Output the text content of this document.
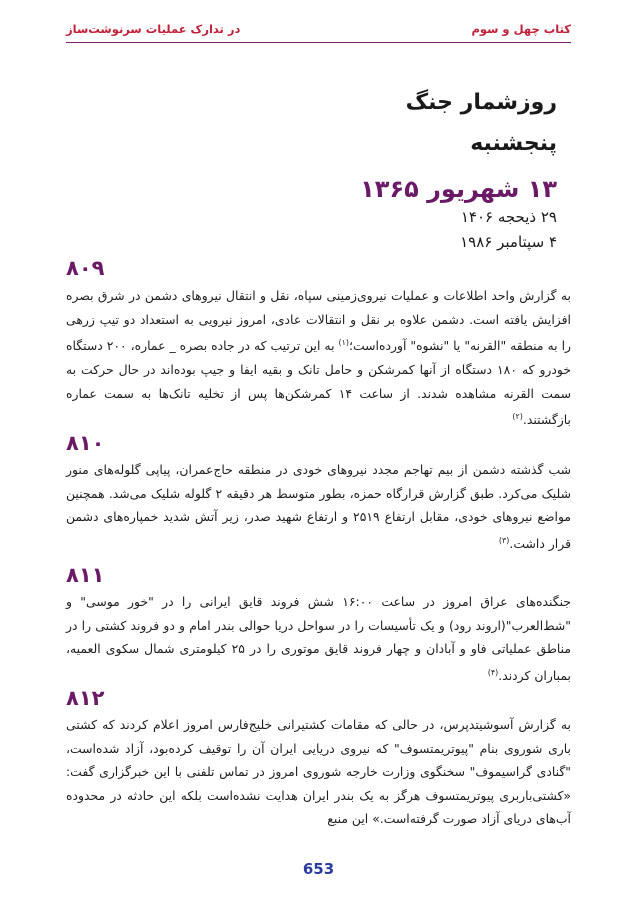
کتاب چهل و سوم
در تدارک عملیات سرنوشت‌ساز
روزشمار جنگ
پنجشنبه
۱۳ شهریور ۱۳۶۵
۲۹ ذیحجه ۱۴۰۶
۴ سپتامبر ۱۹۸۶
۸۰۹
به گزارش واحد اطلاعات و عملیات نیروی‌زمینی سپاه، نقل و انتقال نیروهای دشمن در شرق بصره افزایش یافته است. دشمن علاوه بر نقل و انتقالات عادی، امروز نیرویی به استعداد دو تیپ زرهی را به منطقه "القرنه" یا "نشوه" آورده‌است؛$^{(۱)}$ به این ترتیب که در جاده بصره _ عماره، ۲۰۰ دستگاه خودرو که ۱۸۰ دستگاه از آنها کمرشکن و حامل تانک و بقیه ایفا و جیپ بوده‌اند در حال حرکت به سمت القرنه مشاهده شدند. از ساعت ۱۴ کمرشکن‌ها پس از تخلیه تانک‌ها به سمت عماره بازگشتند.$^{(۲)}$
۸۱۰
شب گذشته دشمن از بیم تهاجم مجدد نیروهای خودی در منطقه حاج‌عمران، پیاپی گلوله‌های منور شلیک می‌کرد. طبق گزارش قرارگاه حمزه، بطور متوسط هر دقیقه ۲ گلوله شلیک می‌شد. همچنین مواضع نیروهای خودی، مقابل ارتفاع ۲۵۱۹ و ارتفاع شهید صدر، زیر آتش شدید خمپاره‌های دشمن قرار داشت.$^{(۳)}$
۸۱۱
جنگنده‌های عراق امروز در ساعت ۱۶:۰۰ شش فروند قایق ایرانی را در "خور موسی" و "شط‌العرب"(اروند رود) و یک تأسیسات را در سواحل دریا حوالی بندر امام و دو فروند کشتی را در مناطق عملیاتی فاو و آبادان و چهار فروند قایق موتوری را در ۲۵ کیلومتری شمال سکوی العمیه، بمباران کردند.$^{(۴)}$
۸۱۲
به گزارش آسوشیتدپرس، در حالی که مقامات کشتیرانی خلیج‌فارس امروز اعلام کردند که کشتی باری شوروی بنام "پیوتریمتسوف" که نیروی دریایی ایران آن را توقیف کرده‌بود، آزاد شده‌است، "گنادی گراسیموف" سخنگوی وزارت خارجه شوروی امروز در تماس تلفنی با این خبرگزاری گفت: «کشتی‌باربری پیوتریمتسوف هرگز به یک بندر ایران هدایت نشده‌است بلکه این حادثه در محدوده آب‌های دریای آزاد صورت گرفته‌است.» این منبع
653
